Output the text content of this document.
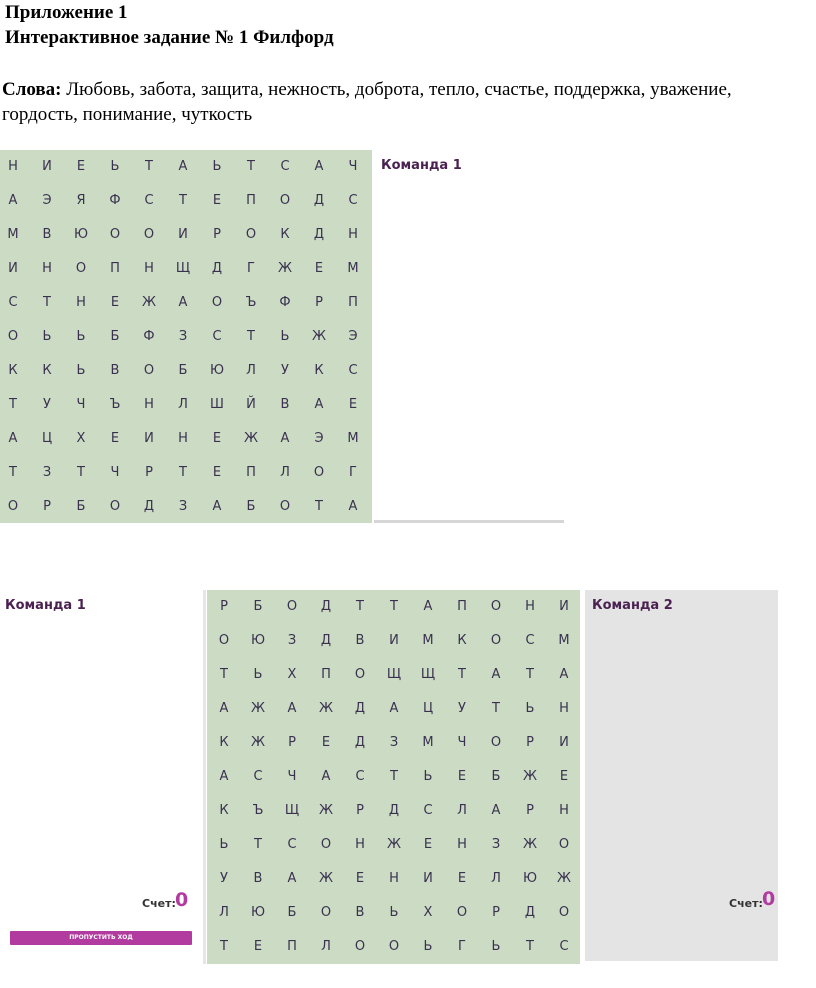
Приложение 1
Интерактивное задание № 1 Филфорд
Слова: Любовь, забота, защита, нежность, доброта, тепло, счастье, поддержка, уважение, гордость, понимание, чуткость
Н	И	Е	Ь	Т	А	Ь	Т	С	А	Ч
А	Э	Я	Ф	С	Т	Е	П	О	Д	С
М	В	Ю	О	О	И	Р	О	К	Д	Н
И	Н	О	П	Н	Щ	Д	Г	Ж	Е	М
С	Т	Н	Е	Ж	А	О	Ъ	Ф	Р	П
О	Ь	Ь	Б	Ф	З	С	Т	Ь	Ж	Э
К	К	Ь	В	О	Б	Ю	Л	У	К	С
Т	У	Ч	Ъ	Н	Л	Ш	Й	В	А	Е
А	Ц	Х	Е	И	Н	Е	Ж	А	Э	М
Т	З	Т	Ч	Р	Т	Е	П	Л	О	Г
О	Р	Б	О	Д	З	А	Б	О	Т	А
Команда 1
Команда 1
Счет: 0
ПРОПУСТИТЬ ХОД
Р	Б	О	Д	Т	Т	А	П	О	Н	И
О	Ю	З	Д	В	И	М	К	О	С	М
Т	Ь	Х	П	О	Щ	Щ	Т	А	Т	А
А	Ж	А	Ж	Д	А	Ц	У	Т	Ь	Н
К	Ж	Р	Е	Д	З	М	Ч	О	Р	И
А	С	Ч	А	С	Т	Ь	Е	Б	Ж	Е
К	Ъ	Щ	Ж	Р	Д	С	Л	А	Р	Н
Ь	Т	С	О	Н	Ж	Е	Н	З	Ж	О
У	В	А	Ж	Е	Н	И	Е	Л	Ю	Ж
Л	Ю	Б	О	В	Ь	Х	О	Р	Д	О
Т	Е	П	Л	О	О	Ь	Г	Ь	Т	С
Команда 2
Счет: 0
